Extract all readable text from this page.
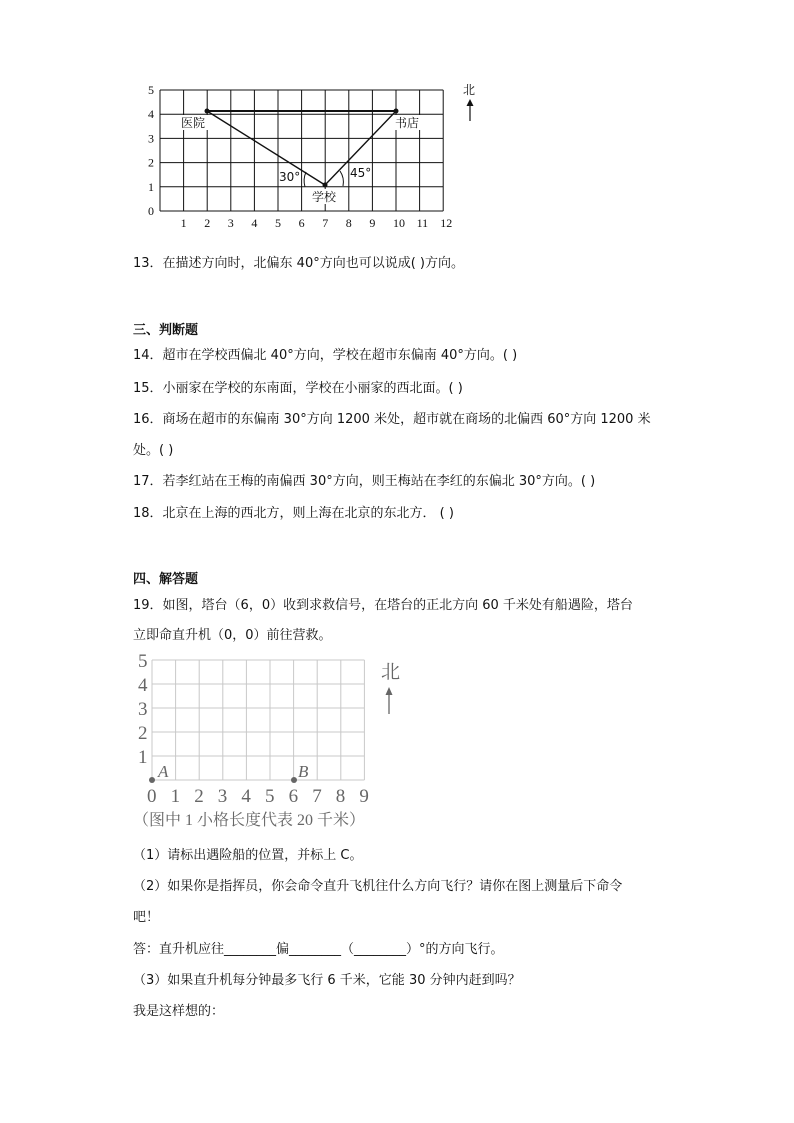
1 2 3 4 5 6 7 8 9 10 11 12
0
1
2
3
4
5
30°	45°
医院	书店
学校
北
13．在描述方向时，北偏东 40°方向也可以说成( )方向。
三、判断题
14．超市在学校西偏北 40°方向，学校在超市东偏南 40°方向。( )
15．小丽家在学校的东南面，学校在小丽家的西北面。( )
16．商场在超市的东偏南 30°方向 1200 米处，超市就在商场的北偏西 60°方向 1200 米
处。( )
17．若李红站在王梅的南偏西 30°方向，则王梅站在李红的东偏北 30°方向。( )
18．北京在上海的西北方，则上海在北京的东北方． ( )
四、解答题
19．如图，塔台（6，0）收到求救信号，在塔台的正北方向 60 千米处有船遇险，塔台
立即命直升机（0，0）前往营救。
0 1 2 3 4 5 6 7 8 9
1
2
3
4
5
A	B
北
（图中 1 小格长度代表 20 千米）
（1）请标出遇险船的位置，并标上 C。
（2）如果你是指挥员，你会命令直升飞机往什么方向飞行？请你在图上测量后下命令
吧！
答：直升机应往________偏________（________）°的方向飞行。
（3）如果直升机每分钟最多飞行 6 千米，它能 30 分钟内赶到吗？
我是这样想的：
